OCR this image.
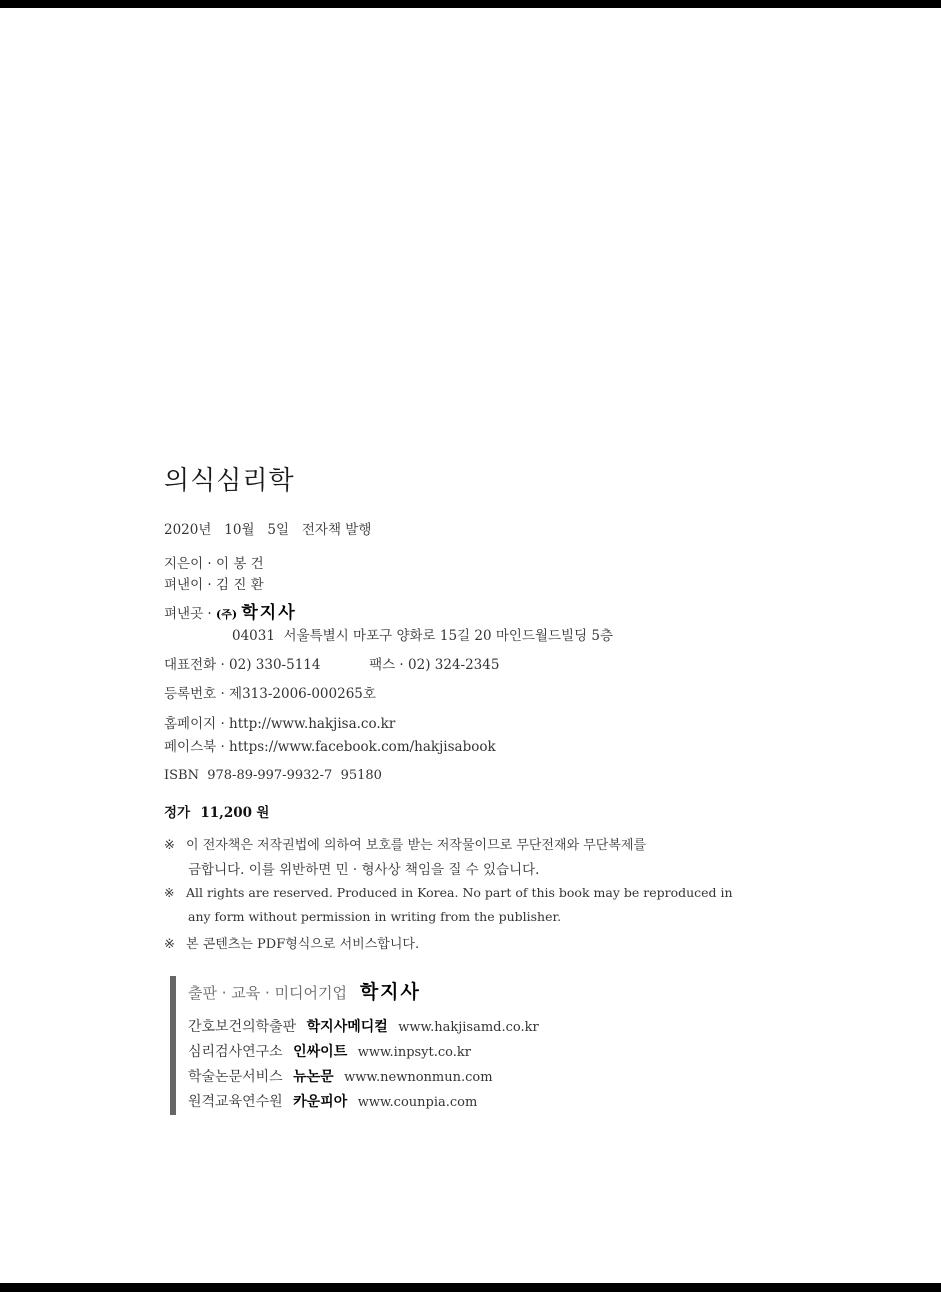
의식심리학
2020년   10월   5일   전자책 발행
지은이 · 이 봉 건
펴낸이 · 김 진 환
펴낸곳 · (주) 학지사
04031  서울특별시 마포구 양화로 15길 20 마인드월드빌딩 5층
대표전화 · 02) 330-5114	팩스 · 02) 324-2345
등록번호 · 제313-2006-000265호
홈페이지 · http://www.hakjisa.co.kr
페이스북 · https://www.facebook.com/hakjisabook
ISBN  978-89-997-9932-7  95180
정가 11,200 원
※ 이 전자책은 저작권법에 의하여 보호를 받는 저작물이므로 무단전재와 무단복제를
금합니다. 이를 위반하면 민 · 형사상 책임을 질 수 있습니다.
※ All rights are reserved. Produced in Korea. No part of this book may be reproduced in
any form without permission in writing from the publisher.
※ 본 콘텐츠는 PDF형식으로 서비스합니다.
출판 · 교육 · 미디어기업 학지사
간호보건의학출판 학지사메디컬 www.hakjisamd.co.kr
심리검사연구소 인싸이트 www.inpsyt.co.kr
학술논문서비스 뉴논문 www.newnonmun.com
원격교육연수원 카운피아 www.counpia.com
